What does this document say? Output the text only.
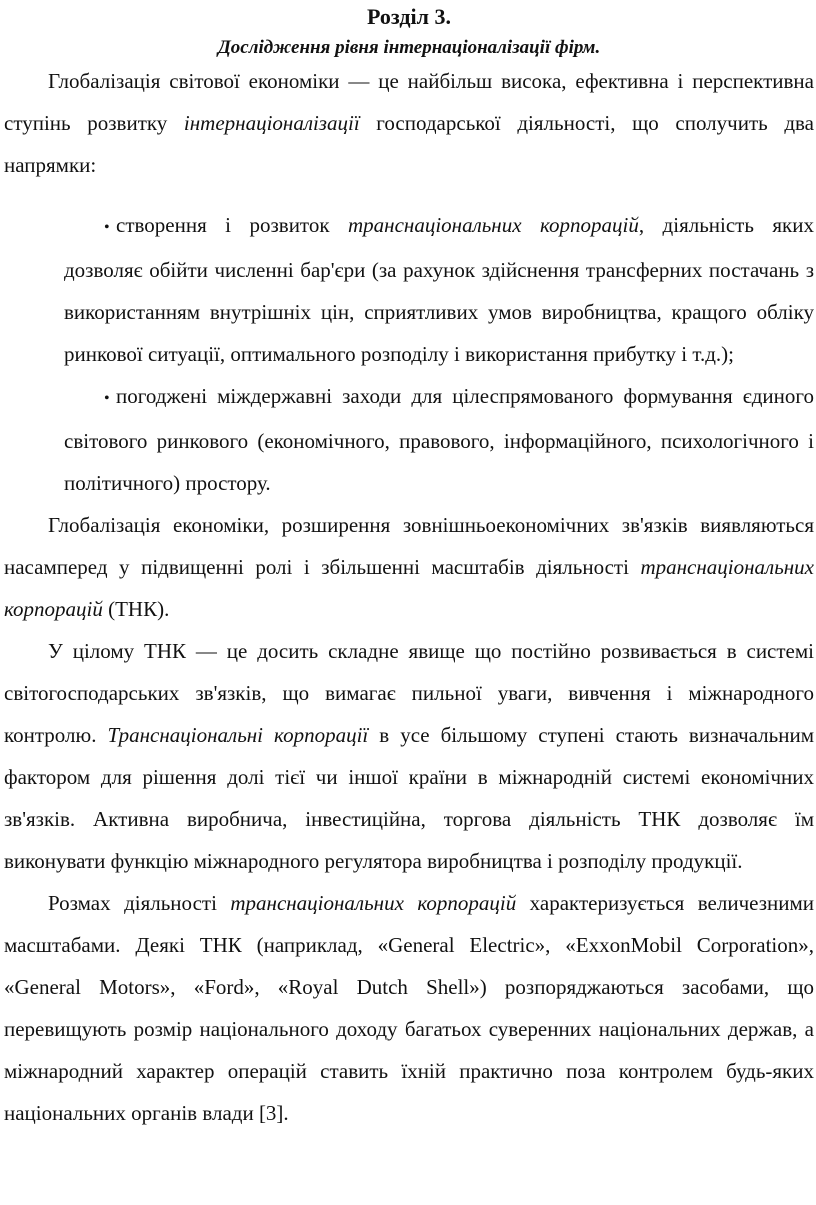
Розділ 3.
Дослідження рівня інтернаціоналізації фірм.

Глобалізація світової економіки — це найбільш висока, ефективна і перспективна ступінь розвитку інтернаціоналізації господарської діяльності, що сполучить два напрямки:

• створення і розвиток транснаціональних корпорацій, діяльність яких дозволяє обійти численні бар'єри (за рахунок здійснення трансферних постачань з використанням внутрішніх цін, сприятливих умов виробництва, кращого обліку ринкової ситуації, оптимального розподілу і використання прибутку і т.д.);
• погоджені міждержавні заходи для цілеспрямованого формування єдиного світового ринкового (економічного, правового, інформаційного, психологічного і політичного) простору.

Глобалізація економіки, розширення зовнішньоекономічних зв'язків виявляються насамперед у підвищенні ролі і збільшенні масштабів діяльності транснаціональних корпорацій (ТНК).

У цілому ТНК — це досить складне явище що постійно розвивається в системі світогосподарських зв'язків, що вимагає пильної уваги, вивчення і міжнародного контролю. Транснаціональні корпорації в усе більшому ступені стають визначальним фактором для рішення долі тієї чи іншої країни в міжнародній системі економічних зв'язків. Активна виробнича, інвестиційна, торгова діяльність ТНК дозволяє їм виконувати функцію міжнародного регулятора виробництва і розподілу продукції.

Розмах діяльності транснаціональних корпорацій характеризується величезними масштабами. Деякі ТНК (наприклад, «General Electric», «ExxonMobil Corporation», «General Motors», «Ford», «Royal Dutch Shell») розпоряджаються засобами, що перевищують розмір національного доходу багатьох суверенних національних держав, а міжнародний характер операцій ставить їхній практично поза контролем будь-яких національних органів влади [3].
